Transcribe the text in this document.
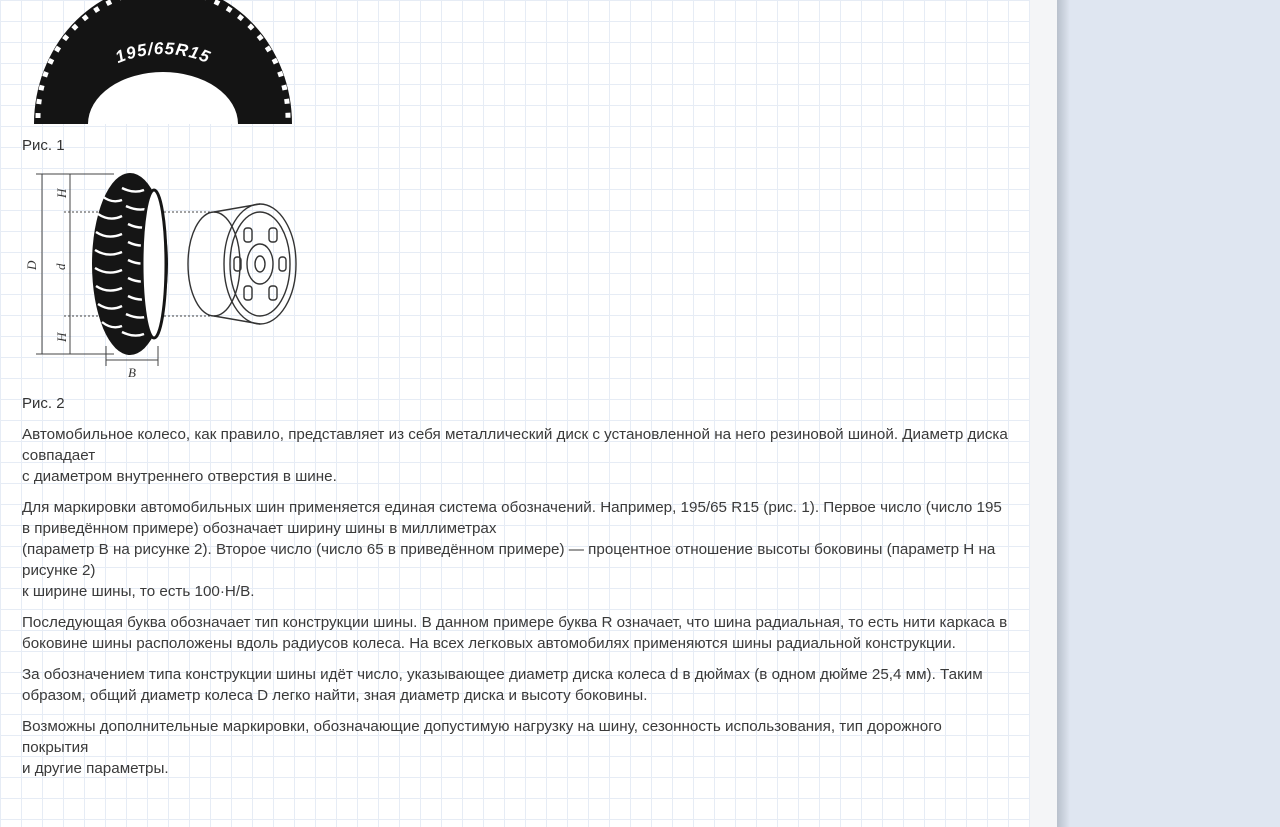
195/65R15
Рис. 1
H
D d
H
B
Рис. 2

Автомобильное колесо, как правило, представляет из себя металлический диск с установленной на него резиновой шиной. Диаметр диска совпадает
с диаметром внутреннего отверстия в шине.

Для маркировки автомобильных шин применяется единая система обозначений. Например, 195/65 R15 (рис. 1). Первое число (число 195
в приведённом примере) обозначает ширину шины в миллиметрах
(параметр B на рисунке 2). Второе число (число 65 в приведённом примере) — процентное отношение высоты боковины (параметр H на рисунке 2)
к ширине шины, то есть 100·H/B.

Последующая буква обозначает тип конструкции шины. В данном примере буква R означает, что шина радиальная, то есть нити каркаса в боковине шины расположены вдоль радиусов колеса. На всех легковых автомобилях применяются шины радиальной конструкции.

За обозначением типа конструкции шины идёт число, указывающее диаметр диска колеса d в дюймах (в одном дюйме 25,4 мм). Таким образом, общий диаметр колеса D легко найти, зная диаметр диска и высоту боковины.

Возможны дополнительные маркировки, обозначающие допустимую нагрузку на шину, сезонность использования, тип дорожного покрытия
и другие параметры.
